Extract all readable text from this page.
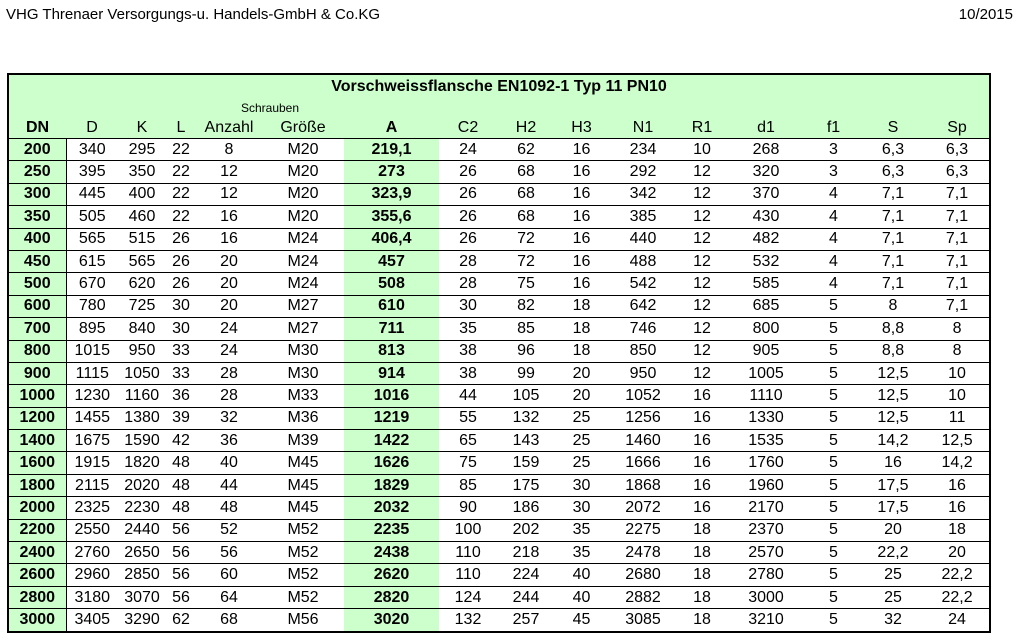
VHG Threnaer Versorgungs-u. Handels-GmbH & Co.KG	10/2015
Vorschweissflansche EN1092-1 Typ 11 PN10															
				Schrauben											
DN	D	K	L	Anzahl	Größe	A	C2	H2	H3	N1	R1	d1	f1	S	Sp
200	340	295	22	8	M20	219,1	24	62	16	234	10	268	3	6,3	6,3
250	395	350	22	12	M20	273	26	68	16	292	12	320	3	6,3	6,3
300	445	400	22	12	M20	323,9	26	68	16	342	12	370	4	7,1	7,1
350	505	460	22	16	M20	355,6	26	68	16	385	12	430	4	7,1	7,1
400	565	515	26	16	M24	406,4	26	72	16	440	12	482	4	7,1	7,1
450	615	565	26	20	M24	457	28	72	16	488	12	532	4	7,1	7,1
500	670	620	26	20	M24	508	28	75	16	542	12	585	4	7,1	7,1
600	780	725	30	20	M27	610	30	82	18	642	12	685	5	8	7,1
700	895	840	30	24	M27	711	35	85	18	746	12	800	5	8,8	8
800	1015	950	33	24	M30	813	38	96	18	850	12	905	5	8,8	8
900	1115	1050	33	28	M30	914	38	99	20	950	12	1005	5	12,5	10
1000	1230	1160	36	28	M33	1016	44	105	20	1052	16	1110	5	12,5	10
1200	1455	1380	39	32	M36	1219	55	132	25	1256	16	1330	5	12,5	11
1400	1675	1590	42	36	M39	1422	65	143	25	1460	16	1535	5	14,2	12,5
1600	1915	1820	48	40	M45	1626	75	159	25	1666	16	1760	5	16	14,2
1800	2115	2020	48	44	M45	1829	85	175	30	1868	16	1960	5	17,5	16
2000	2325	2230	48	48	M45	2032	90	186	30	2072	16	2170	5	17,5	16
2200	2550	2440	56	52	M52	2235	100	202	35	2275	18	2370	5	20	18
2400	2760	2650	56	56	M52	2438	110	218	35	2478	18	2570	5	22,2	20
2600	2960	2850	56	60	M52	2620	110	224	40	2680	18	2780	5	25	22,2
2800	3180	3070	56	64	M52	2820	124	244	40	2882	18	3000	5	25	22,2
3000	3405	3290	62	68	M56	3020	132	257	45	3085	18	3210	5	32	24
